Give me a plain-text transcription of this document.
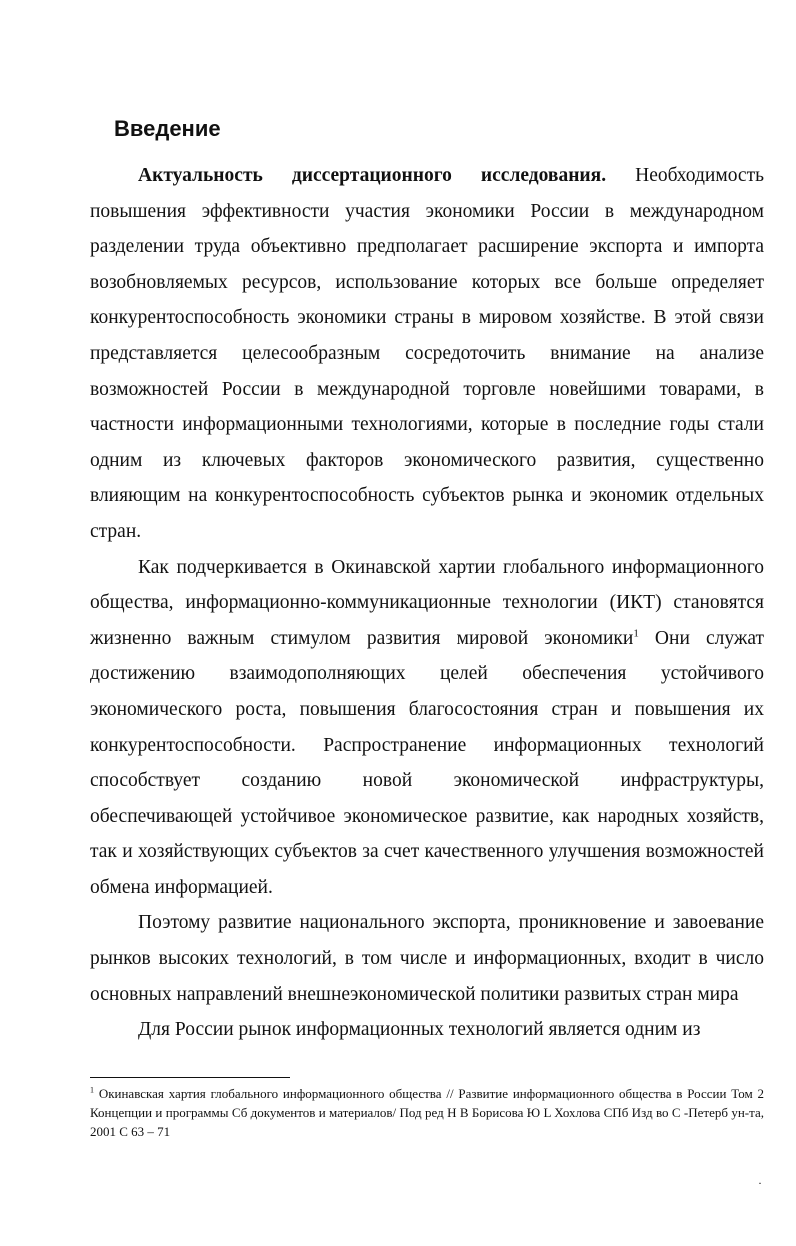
Введение

Актуальность диссертационного исследования. Необходимость повышения эффективности участия экономики России в международном разделении труда объективно предполагает расширение экспорта и импорта возобновляемых ресурсов, использование которых все больше определяет конкурентоспособность экономики страны в мировом хозяйстве. В этой связи представляется целесообразным сосредоточить внимание на анализе возможностей России в международной торговле новейшими товарами, в частности информационными технологиями, которые в последние годы стали одним из ключевых факторов экономического развития, существенно влияющим на конкурентоспособность субъектов рынка и экономик отдельных стран.

Как подчеркивается в Окинавской хартии глобального информационного общества, информационно-коммуникационные технологии (ИКТ) становятся жизненно важным стимулом развития мировой экономики$^1$ Они служат достижению взаимодополняющих целей обеспечения устойчивого экономического роста, повышения благосостояния стран и повышения их конкурентоспособности. Распространение информационных технологий способствует созданию новой экономической инфраструктуры, обеспечивающей устойчивое экономическое развитие, как народных хозяйств, так и хозяйствующих субъектов за счет качественного улучшения возможностей обмена информацией.

Поэтому развитие национального экспорта, проникновение и завоевание рынков высоких технологий, в том числе и информационных, входит в число основных направлений внешнеэкономической политики развитых стран мира

Для России рынок информационных технологий является одним из

$^1$ Окинавская хартия глобального информационного общества // Развитие информационного общества в России Том 2 Концепции и программы Сб документов и материалов/ Под ред Н В Борисова Ю L Хохлова СПб Изд во С -Петерб ун-та, 2001 С 63 – 71

·
